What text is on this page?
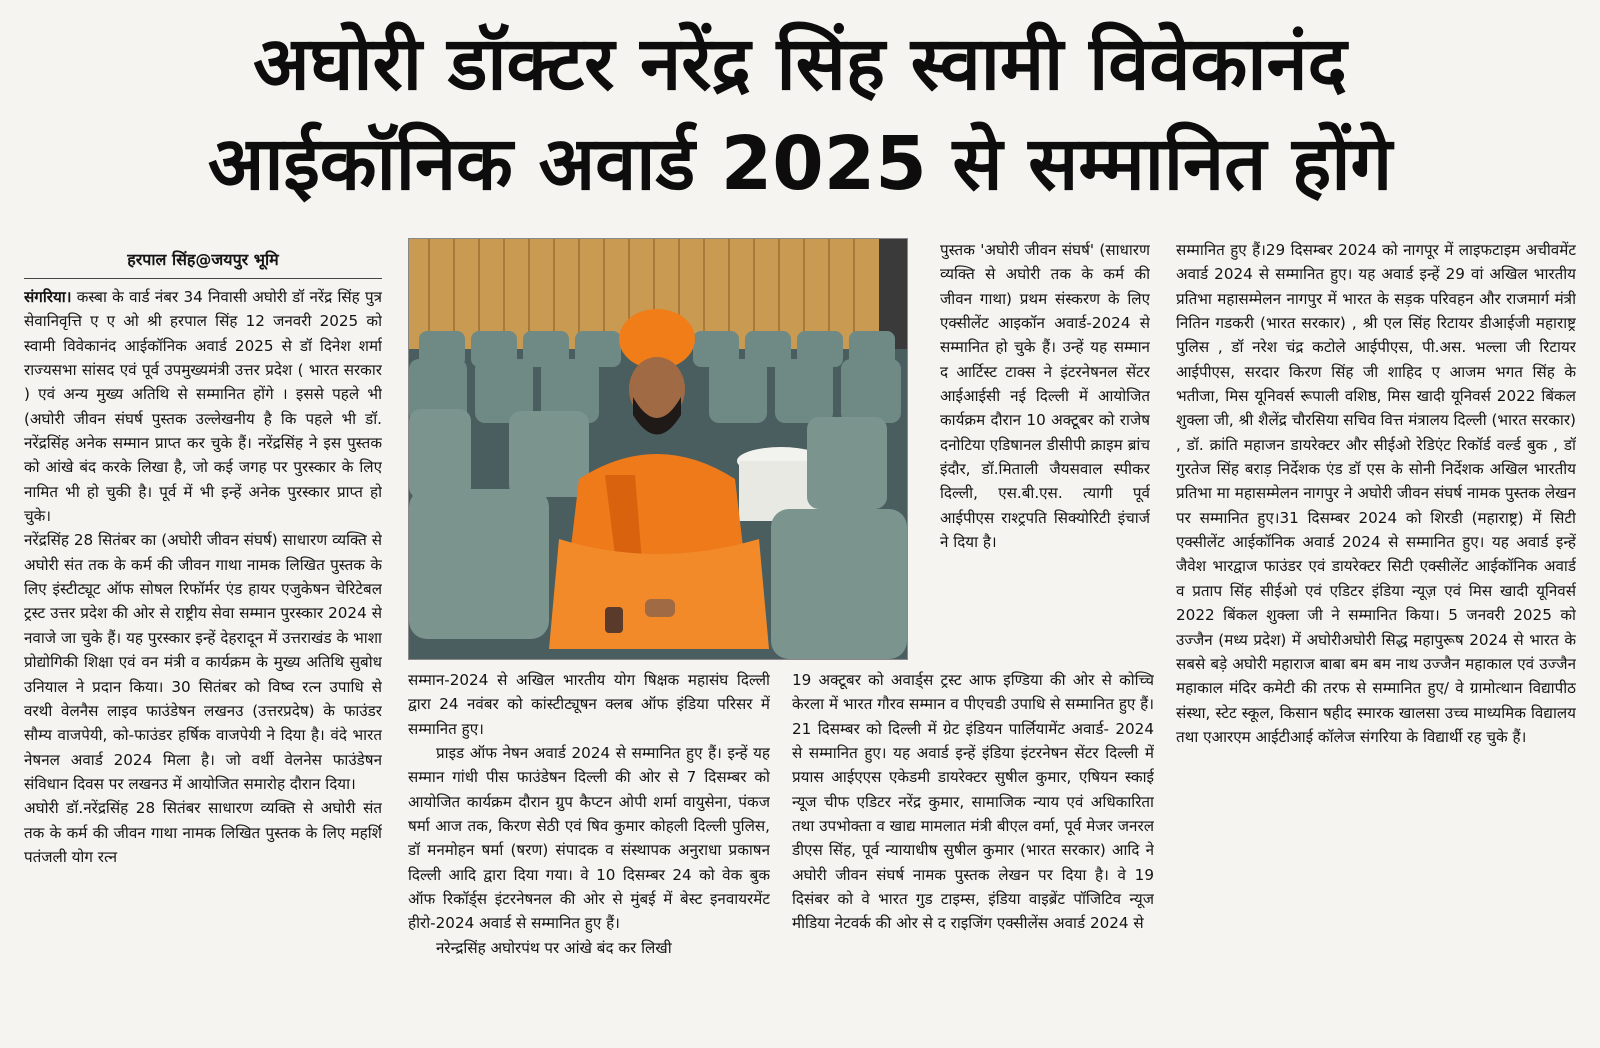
अघोरी डॉक्टर नरेंद्र सिंह स्वामी विवेकानंद
आईकॉनिक अवार्ड 2025 से सम्मानित होंगे
हरपाल सिंह@जयपुर भूमि

संगरिया। कस्बा के वार्ड नंबर 34 निवासी अघोरी डॉ नरेंद्र सिंह पुत्र सेवानिवृत्ति ए ए ओ श्री हरपाल सिंह 12 जनवरी 2025 को स्वामी विवेकानंद आईकॉनिक अवार्ड 2025 से डॉ दिनेश शर्मा राज्यसभा सांसद एवं पूर्व उपमुख्यमंत्री उत्तर प्रदेश ( भारत सरकार ) एवं अन्य मुख्य अतिथि से सम्मानित होंगे । इससे पहले भी (अघोरी जीवन संघर्ष पुस्तक उल्लेखनीय है कि पहले भी डॉ. नरेंद्रसिंह अनेक सम्मान प्राप्त कर चुके हैं। नरेंद्रसिंह ने इस पुस्तक को आंखे बंद करके लिखा है, जो कई जगह पर पुरस्कार के लिए नामित भी हो चुकी है। पूर्व में भी इन्हें अनेक पुरस्कार प्राप्त हो चुके।

नरेंद्रसिंह 28 सितंबर का (अघोरी जीवन संघर्ष) साधारण व्यक्ति से अघोरी संत तक के कर्म की जीवन गाथा नामक लिखित पुस्तक के लिए इंस्टीट्यूट ऑफ सोषल रिफॉर्मर एंड हायर एजुकेषन चेरिटेबल ट्रस्ट उत्तर प्रदेश की ओर से राष्ट्रीय सेवा सम्मान पुरस्कार 2024 से नवाजे जा चुके हैं। यह पुरस्कार इन्हें देहरादून में उत्तराखंड के भाशा प्रोद्योगिकी शिक्षा एवं वन मंत्री व कार्यक्रम के मुख्य अतिथि सुबोध उनियाल ने प्रदान किया। 30 सितंबर को विष्व रत्न उपाधि से वरथी वेलनैस लाइव फाउंडेषन लखनउ (उत्तरप्रदेष) के फाउंडर सौम्य वाजपेयी, को-फाउंडर हर्षिक वाजपेयी ने दिया है। वंदे भारत नेषनल अवार्ड 2024 मिला है। जो वर्थी वेलनेस फाउंडेषन संविधान दिवस पर लखनउ में आयोजित समारोह दौरान दिया।

अघोरी डॉ.नरेंद्रसिंह 28 सितंबर साधारण व्यक्ति से अघोरी संत तक के कर्म की जीवन गाथा नामक लिखित पुस्तक के लिए महर्शि पतंजली योग रत्न

पुस्तक 'अघोरी जीवन संघर्ष' (साधारण व्यक्ति से अघोरी तक के कर्म की जीवन गाथा) प्रथम संस्करण के लिए एक्सीलेंट आइकॉन अवार्ड-2024 से सम्मानित हो चुके हैं। उन्हें यह सम्मान द आर्टिस्ट टाक्स ने इंटरनेषनल सेंटर आईआईसी नई दिल्ली में आयोजित कार्यक्रम दौरान 10 अक्टूबर को राजेष दनोटिया एडिषानल डीसीपी क्राइम ब्रांच इंदौर, डॉ.मिताली जैयसवाल स्पीकर दिल्ली, एस.बी.एस. त्यागी पूर्व आईपीएस राश्ट्रपति सिक्योरिटी इंचार्ज ने दिया है।

सम्मानित हुए हैं।29 दिसम्बर 2024 को नागपूर में लाइफटाइम अचीवमेंट अवार्ड 2024 से सम्मानित हुए। यह अवार्ड इन्हें 29 वां अखिल भारतीय प्रतिभा महासम्मेलन नागपुर में भारत के सड़क परिवहन और राजमार्ग मंत्री नितिन गडकरी (भारत सरकार) , श्री एल सिंह रिटायर डीआईजी महाराष्ट्र पुलिस , डॉ नरेश चंद्र कटोले आईपीएस, पी.अस. भल्ला जी रिटायर आईपीएस, सरदार किरण सिंह जी शाहिद ए आजम भगत सिंह के भतीजा, मिस यूनिवर्स रूपाली वशिष्ठ, मिस खादी यूनिवर्स 2022 बिंकल शुक्ला जी, श्री शैलेंद्र चौरसिया सचिव वित्त मंत्रालय दिल्ली (भारत सरकार) , डॉ. क्रांति महाजन डायरेक्टर और सीईओ रेडिएंट रिकॉर्ड वर्ल्ड बुक , डॉ गुरतेज सिंह बराड़ निर्देशक एंड डॉ एस के सोनी निर्देशक अखिल भारतीय प्रतिभा मा महासम्मेलन नागपुर ने अघोरी जीवन संघर्ष नामक पुस्तक लेखन पर सम्मानित हुए।31 दिसम्बर 2024 को शिरडी (महाराष्ट्र) में सिटी एक्सीलेंट आईकॉनिक अवार्ड 2024 से सम्मानित हुए। यह अवार्ड इन्हें जैवेश भारद्वाज फाउंडर एवं डायरेक्टर सिटी एक्सीलेंट आईकॉनिक अवार्ड व प्रताप सिंह सीईओ एवं एडिटर इंडिया न्यूज़ एवं मिस खादी यूनिवर्स 2022 बिंकल शुक्ला जी ने सम्मानित किया। 5 जनवरी 2025 को उज्जैन (मध्य प्रदेश) में अघोरीअघोरी सिद्ध महापुरूष 2024 से भारत के सबसे बड़े अघोरी महाराज बाबा बम बम नाथ उज्जैन महाकाल एवं उज्जैन महाकाल मंदिर कमेटी की तरफ से सम्मानित हुए/ वे ग्रामोत्थान विद्यापीठ संस्था, स्टेट स्कूल, किसान षहीद स्मारक खालसा उच्च माध्यमिक विद्यालय तथा एआरएम आईटीआई कॉलेज संगरिया के विद्यार्थी रह चुके हैं।

सम्मान-2024 से अखिल भारतीय योग षिक्षक महासंघ दिल्ली द्वारा 24 नवंबर को कांस्टीट्यूषन क्लब ऑफ इंडिया परिसर में सम्मानित हुए।

प्राइड ऑफ नेषन अवार्ड 2024 से सम्मानित हुए हैं। इन्हें यह सम्मान गांधी पीस फाउंडेषन दिल्ली की ओर से 7 दिसम्बर को आयोजित कार्यक्रम दौरान ग्रुप कैप्टन ओपी शर्मा वायुसेना, पंकज षर्मा आज तक, किरण सेठी एवं षिव कुमार कोहली दिल्ली पुलिस, डॉ मनमोहन षर्मा (षरण) संपादक व संस्थापक अनुराधा प्रकाषन दिल्ली आदि द्वारा दिया गया। वे 10 दिसम्बर 24 को वेक बुक ऑफ रिकॉर्ड्स इंटरनेषनल की ओर से मुंबई में बेस्ट इनवायरमेंट हीरो-2024 अवार्ड से सम्मानित हुए हैं।

नरेन्द्रसिंह अघोरपंथ पर आंखे बंद कर लिखी

19 अक्टूबर को अवार्ड्स ट्रस्ट आफ इण्डिया की ओर से कोच्चि केरला में भारत गौरव सम्मान व पीएचडी उपाधि से सम्मानित हुए हैं।21 दिसम्बर को दिल्ली में ग्रेट इंडियन पार्लियामेंट अवार्ड- 2024 से सम्मानित हुए। यह अवार्ड इन्हें इंडिया इंटरनेषन सेंटर दिल्ली में प्रयास आईएएस एकेडमी डायरेक्टर सुषील कुमार, एषियन स्काई न्यूज चीफ एडिटर नरेंद्र कुमार, सामाजिक न्याय एवं अधिकारिता तथा उपभोक्ता व खाद्य मामलात मंत्री बीएल वर्मा, पूर्व मेजर जनरल डीएस सिंह, पूर्व न्यायाधीष सुषील कुमार (भारत सरकार) आदि ने अघोरी जीवन संघर्ष नामक पुस्तक लेखन पर दिया है। वे 19 दिसंबर को वे भारत गुड टाइम्स, इंडिया वाइब्रेंट पॉजिटिव न्यूज मीडिया नेटवर्क की ओर से द राइजिंग एक्सीलेंस अवार्ड 2024 से
